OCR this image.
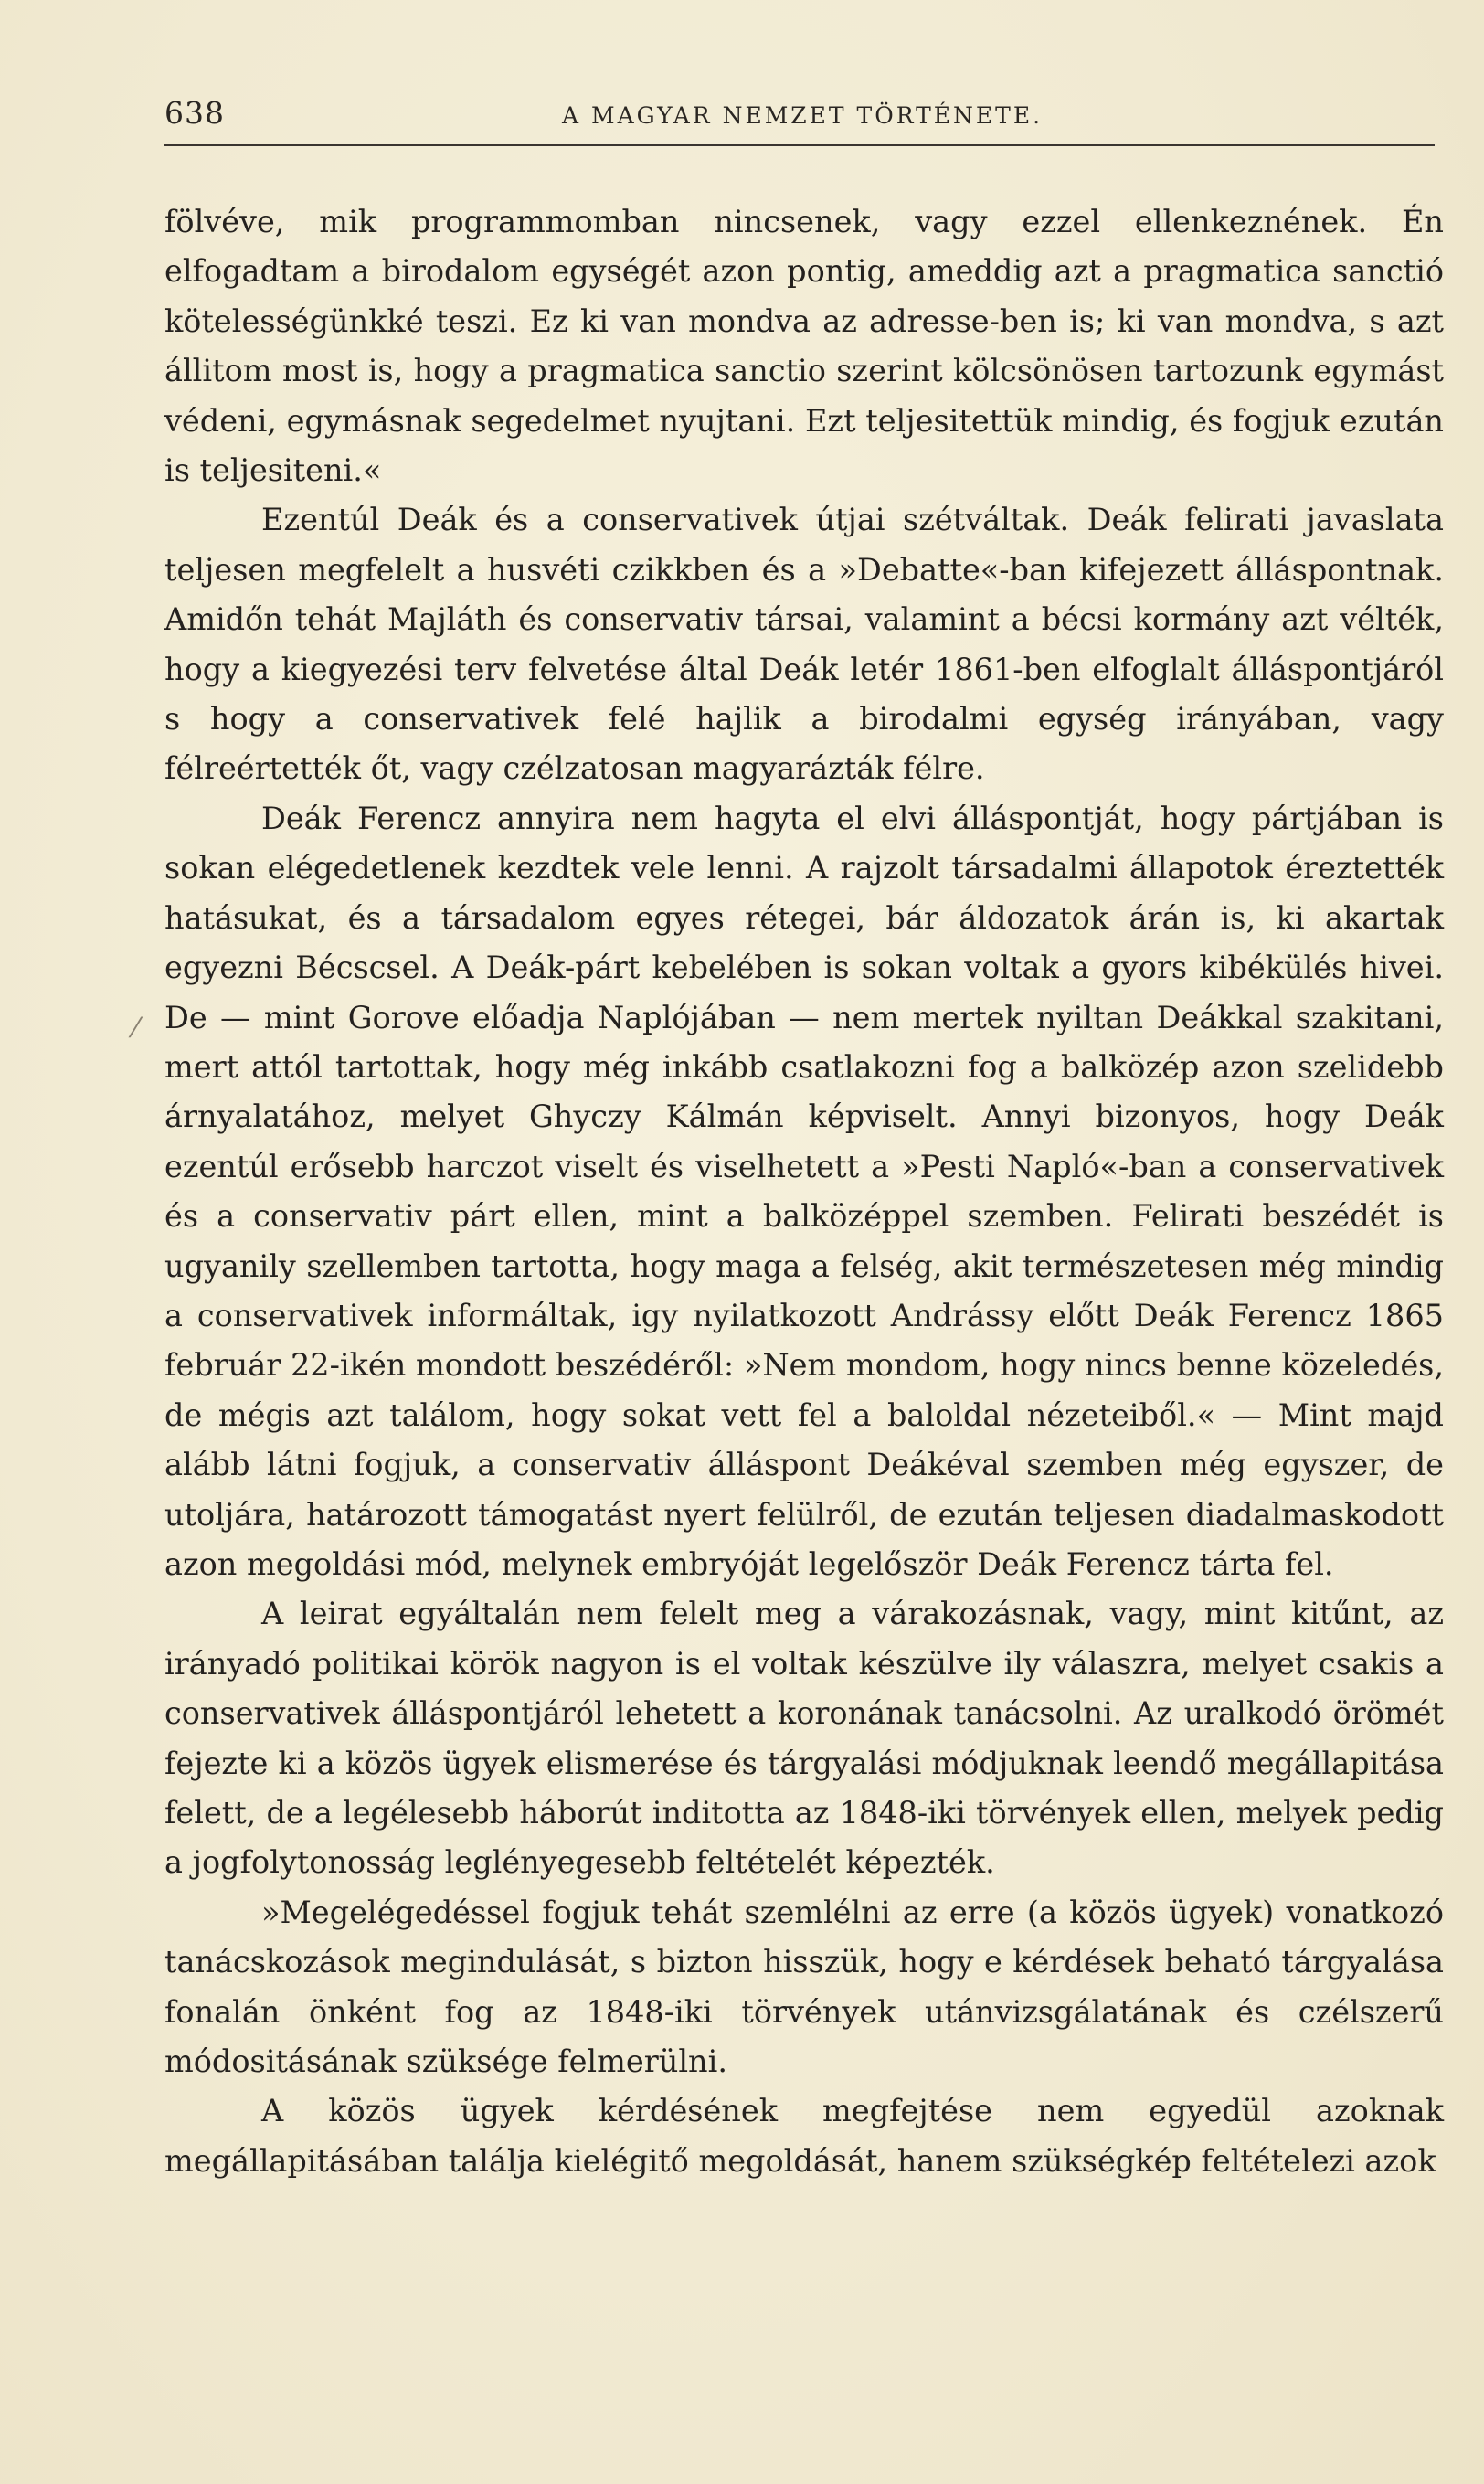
638	A MAGYAR NEMZET TÖRTÉNETE.
⁄

fölvéve, mik programmomban nincsenek, vagy ezzel ellenkeznének. Én elfogadtam a birodalom egységét azon pontig, ameddig azt a pragmatica sanctió kötelességünkké teszi. Ez ki van mondva az adresse-ben is; ki van mondva, s azt állitom most is, hogy a pragmatica sanctio szerint kölcsönösen tartozunk egymást védeni, egymásnak segedelmet nyujtani. Ezt teljesitettük mindig, és fogjuk ezután is teljesiteni.«

Ezentúl Deák és a conservativek útjai szétváltak. Deák felirati javaslata teljesen megfelelt a husvéti czikkben és a »Debatte«-ban kifejezett álláspontnak. Amidőn tehát Majláth és conservativ társai, valamint a bécsi kormány azt vélték, hogy a kiegyezési terv felvetése által Deák letér 1861-ben elfoglalt álláspontjáról s hogy a conservativek felé hajlik a birodalmi egység irányában, vagy félreértették őt, vagy czélzatosan magyarázták félre.

Deák Ferencz annyira nem hagyta el elvi álláspontját, hogy pártjában is sokan elégedetlenek kezdtek vele lenni. A rajzolt társadalmi állapotok éreztették hatásukat, és a társadalom egyes rétegei, bár áldozatok árán is, ki akartak egyezni Bécscsel. A Deák-párt kebelében is sokan voltak a gyors kibékülés hivei. De — mint Gorove előadja Naplójában — nem mertek nyiltan Deákkal szakitani, mert attól tartottak, hogy még inkább csatlakozni fog a balközép azon szelidebb árnyalatához, melyet Ghyczy Kálmán képviselt. Annyi bizonyos, hogy Deák ezentúl erősebb harczot viselt és viselhetett a »Pesti Napló«-ban a conservativek és a conservativ párt ellen, mint a balközéppel szemben. Felirati beszédét is ugyanily szellemben tartotta, hogy maga a felség, akit természetesen még mindig a conservativek informáltak, igy nyilatkozott Andrássy előtt Deák Ferencz 1865 február 22-ikén mondott beszédéről: »Nem mondom, hogy nincs benne közeledés, de mégis azt találom, hogy sokat vett fel a baloldal nézeteiből.« — Mint majd alább látni fogjuk, a conservativ álláspont Deákéval szemben még egyszer, de utoljára, határozott támogatást nyert felülről, de ezután teljesen diadalmaskodott azon megoldási mód, melynek embryóját legelőször Deák Ferencz tárta fel.

A leirat egyáltalán nem felelt meg a várakozásnak, vagy, mint kitűnt, az irányadó politikai körök nagyon is el voltak készülve ily válaszra, melyet csakis a conservativek álláspontjáról lehetett a koronának tanácsolni. Az uralkodó örömét fejezte ki a közös ügyek elismerése és tárgyalási módjuknak leendő megállapitása felett, de a legélesebb háborút inditotta az 1848-iki törvények ellen, melyek pedig a jogfolytonosság leglényegesebb feltételét képezték.

»Megelégedéssel fogjuk tehát szemlélni az erre (a közös ügyek) vonatkozó tanácskozások megindulását, s bizton hisszük, hogy e kérdések beható tárgyalása fonalán önként fog az 1848-iki törvények utánvizsgálatának és czélszerű módositásának szüksége felmerülni.

A közös ügyek kérdésének megfejtése nem egyedül azoknak megállapitásában találja kielégitő megoldását, hanem szükségkép feltételezi azok
